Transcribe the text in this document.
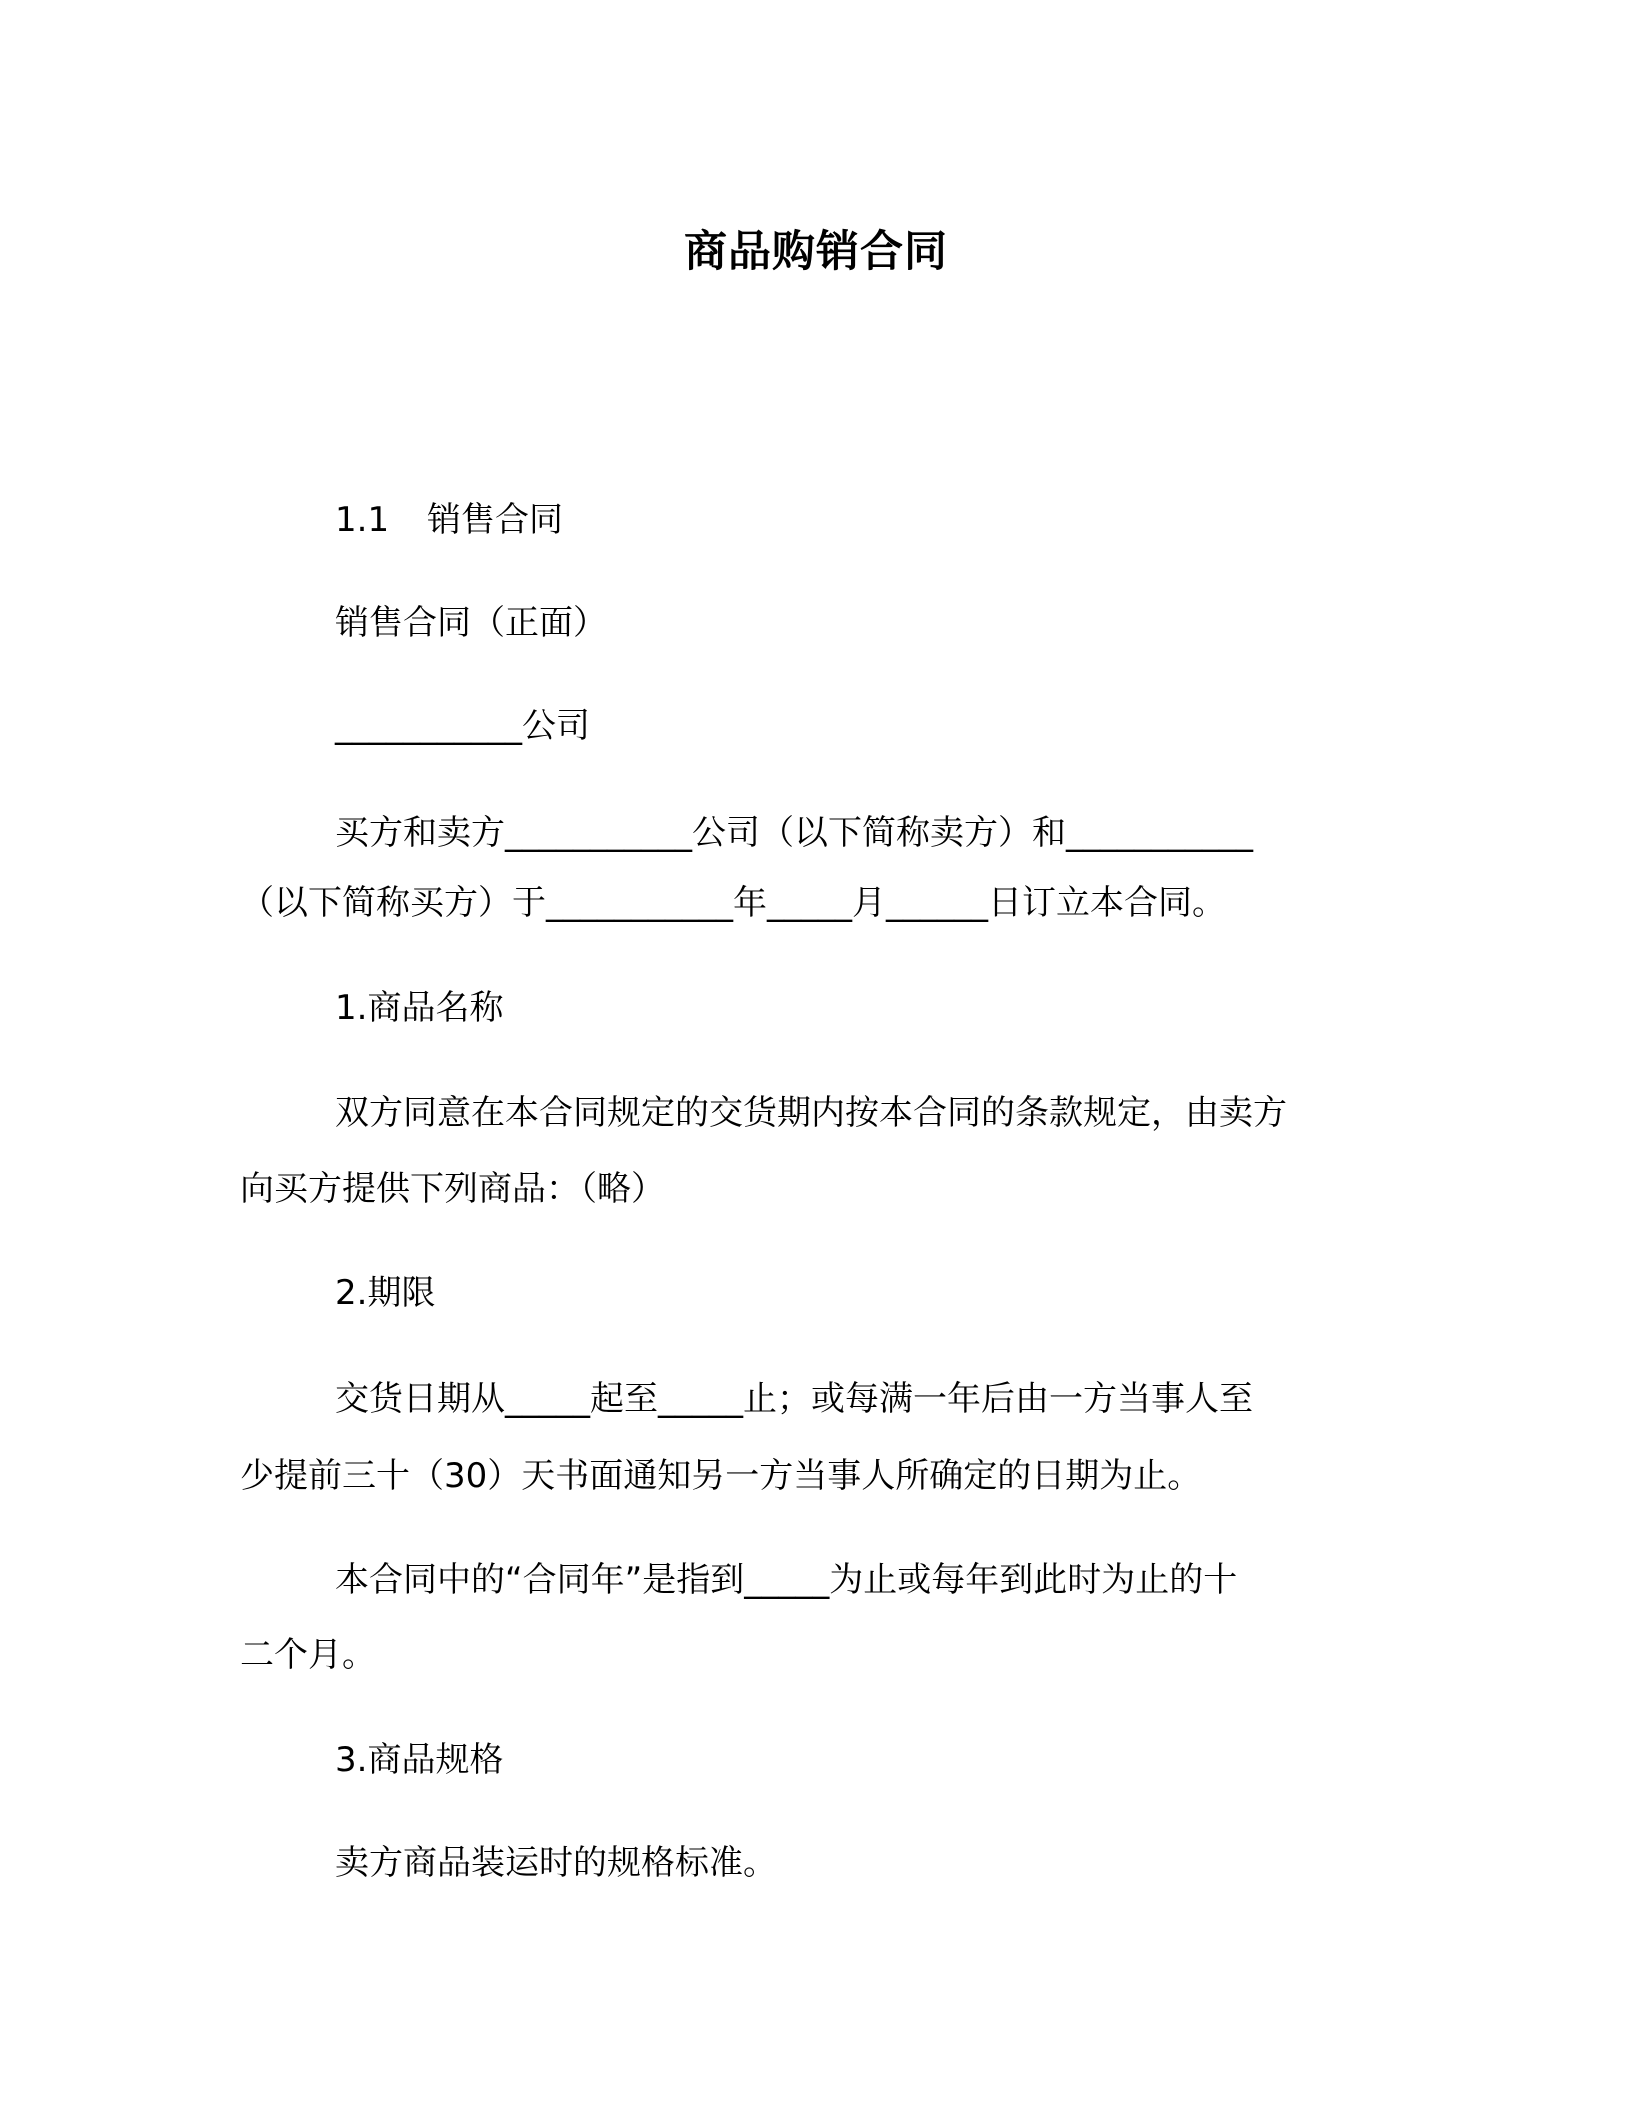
商品购销合同
1.1 销售合同
销售合同（正面）
___________公司
买方和卖方___________公司（以下简称卖方）和___________
（以下简称买方）于___________年_____月______日订立本合同。
1.商品名称
双方同意在本合同规定的交货期内按本合同的条款规定，由卖方
向买方提供下列商品：（略）
2.期限
交货日期从_____起至_____止；或每满一年后由一方当事人至
少提前三十（30）天书面通知另一方当事人所确定的日期为止。
本合同中的“合同年”是指到_____为止或每年到此时为止的十
二个月。
3.商品规格
卖方商品装运时的规格标准。
